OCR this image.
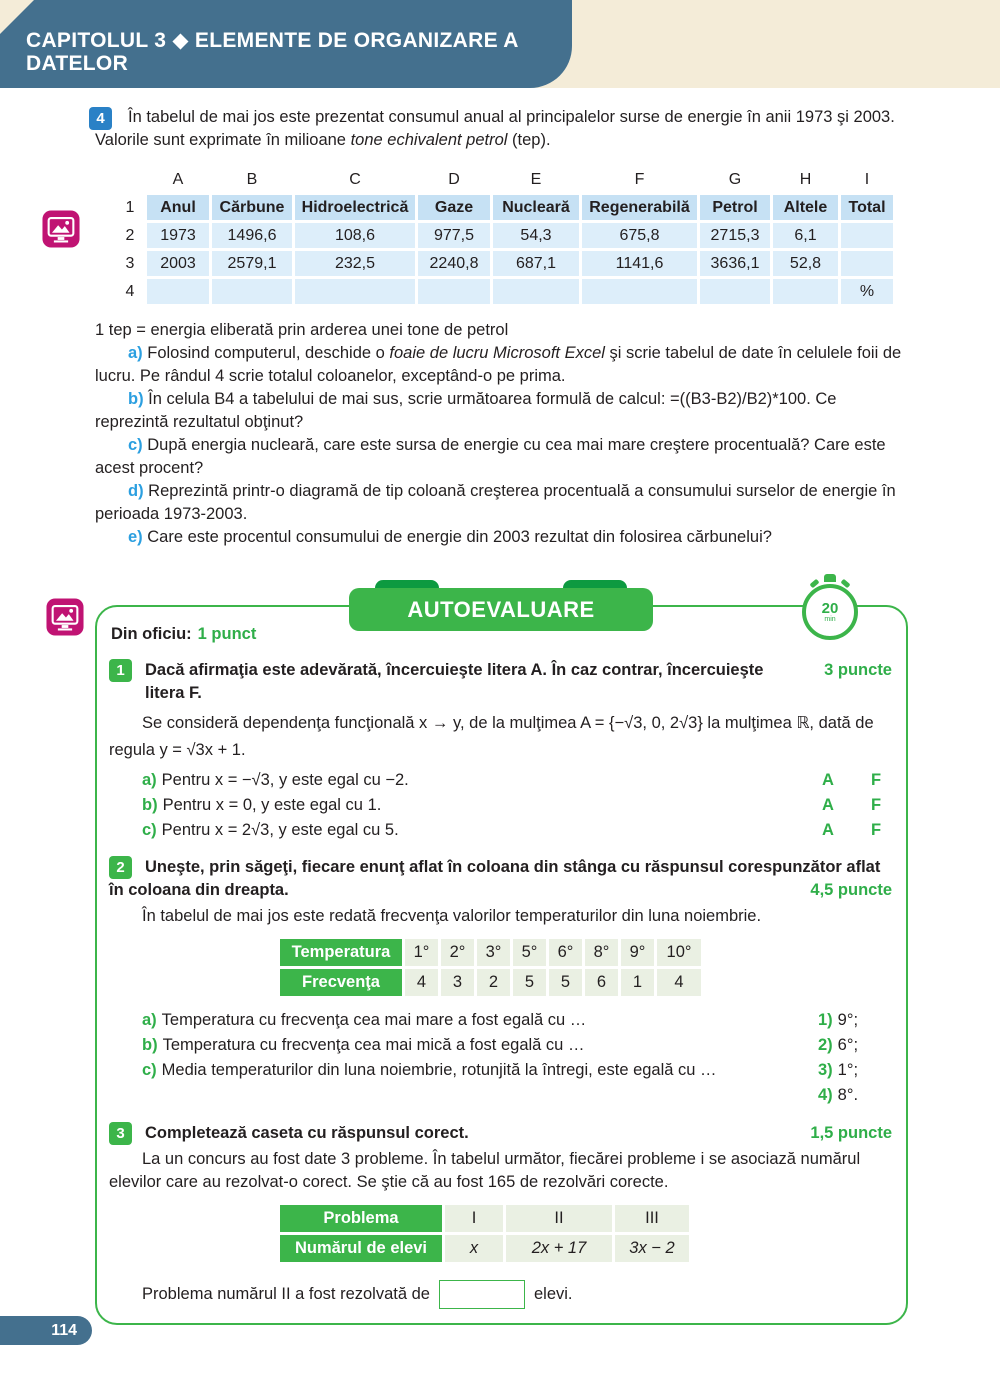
CAPITOLUL 3 ◆ ELEMENTE DE ORGANIZARE A DATELOR

4	În tabelul de mai jos este prezentat consumul anual al principalelor surse de energie în anii 1973 şi 2003. Valorile sunt exprimate în milioane tone echivalent petrol (tep).

	A	B	C	D	E	F	G	H	I
1	Anul	Cărbune	Hidroelectrică	Gaze	Nucleară	Regenerabilă	Petrol	Altele	Total
2	1973	1496,6	108,6	977,5	54,3	675,8	2715,3	6,1	
3	2003	2579,1	232,5	2240,8	687,1	1141,6	3636,1	52,8	
4									%

1 tep = energia eliberată prin arderea unei tone de petrol

a) Folosind computerul, deschide o foaie de lucru Microsoft Excel şi scrie tabelul de date în celulele foii de lucru. Pe rândul 4 scrie totalul coloanelor, exceptând-o pe prima.

b) În celula B4 a tabelului de mai sus, scrie următoarea formulă de calcul: =((B3-B2)/B2)*100. Ce reprezintă rezultatul obţinut?

c) După energia nucleară, care este sursa de energie cu cea mai mare creştere procentuală? Care este acest procent?

d) Reprezintă printr-o diagramă de tip coloană creşterea procentuală a consumului surselor de energie în perioada 1973-2003.

e) Care este procentul consumului de energie din 2003 rezultat din folosirea cărbunelui?

AUTOEVALUARE	20
min
Din oficiu: 1 punct
1	Dacă afirmaţia este adevărată, încercuieşte litera A. În caz contrar, încercuieşte litera F.
3 puncte

Se consideră dependenţa funcţională x → y, de la mulţimea A = {−√3, 0, 2√3} la mulţimea ℝ, dată de regula y = √3x + 1.

a) Pentru x = −√3, y este egal cu −2.	A F
b) Pentru x = 0, y este egal cu 1.	A F
c) Pentru x = 2√3, y este egal cu 5.	A F
2	Uneşte, prin săgeţi, fiecare enunţ aflat în coloana din stânga cu răspunsul corespunzător aflat

în coloana din dreapta.	4,5 puncte

În tabelul de mai jos este redată frecvenţa valorilor temperaturilor din luna noiembrie.

Temperatura	1°	2°	3°	5°	6°	8°	9°	10°
Frecvenţa	4	3	2	5	5	6	1	4
a) Temperatura cu frecvenţa cea mai mare a fost egală cu …
b) Temperatura cu frecvenţa cea mai mică a fost egală cu …
c) Media temperaturilor din luna noiembrie, rotunjită la întregi, este egală cu …
1) 9°;
2) 6°;
3) 1°;
4) 8°.
3	Completează caseta cu răspunsul corect.	1,5 puncte

La un concurs au fost date 3 probleme. În tabelul următor, fiecărei probleme i se asociază numărul elevilor care au rezolvat-o corect. Se ştie că au fost 165 de rezolvări corecte.

Problema	I	II	III
Numărul de elevi	x	2x + 17	3x − 2
Problema numărul II a fost rezolvată de	elevi.
114
